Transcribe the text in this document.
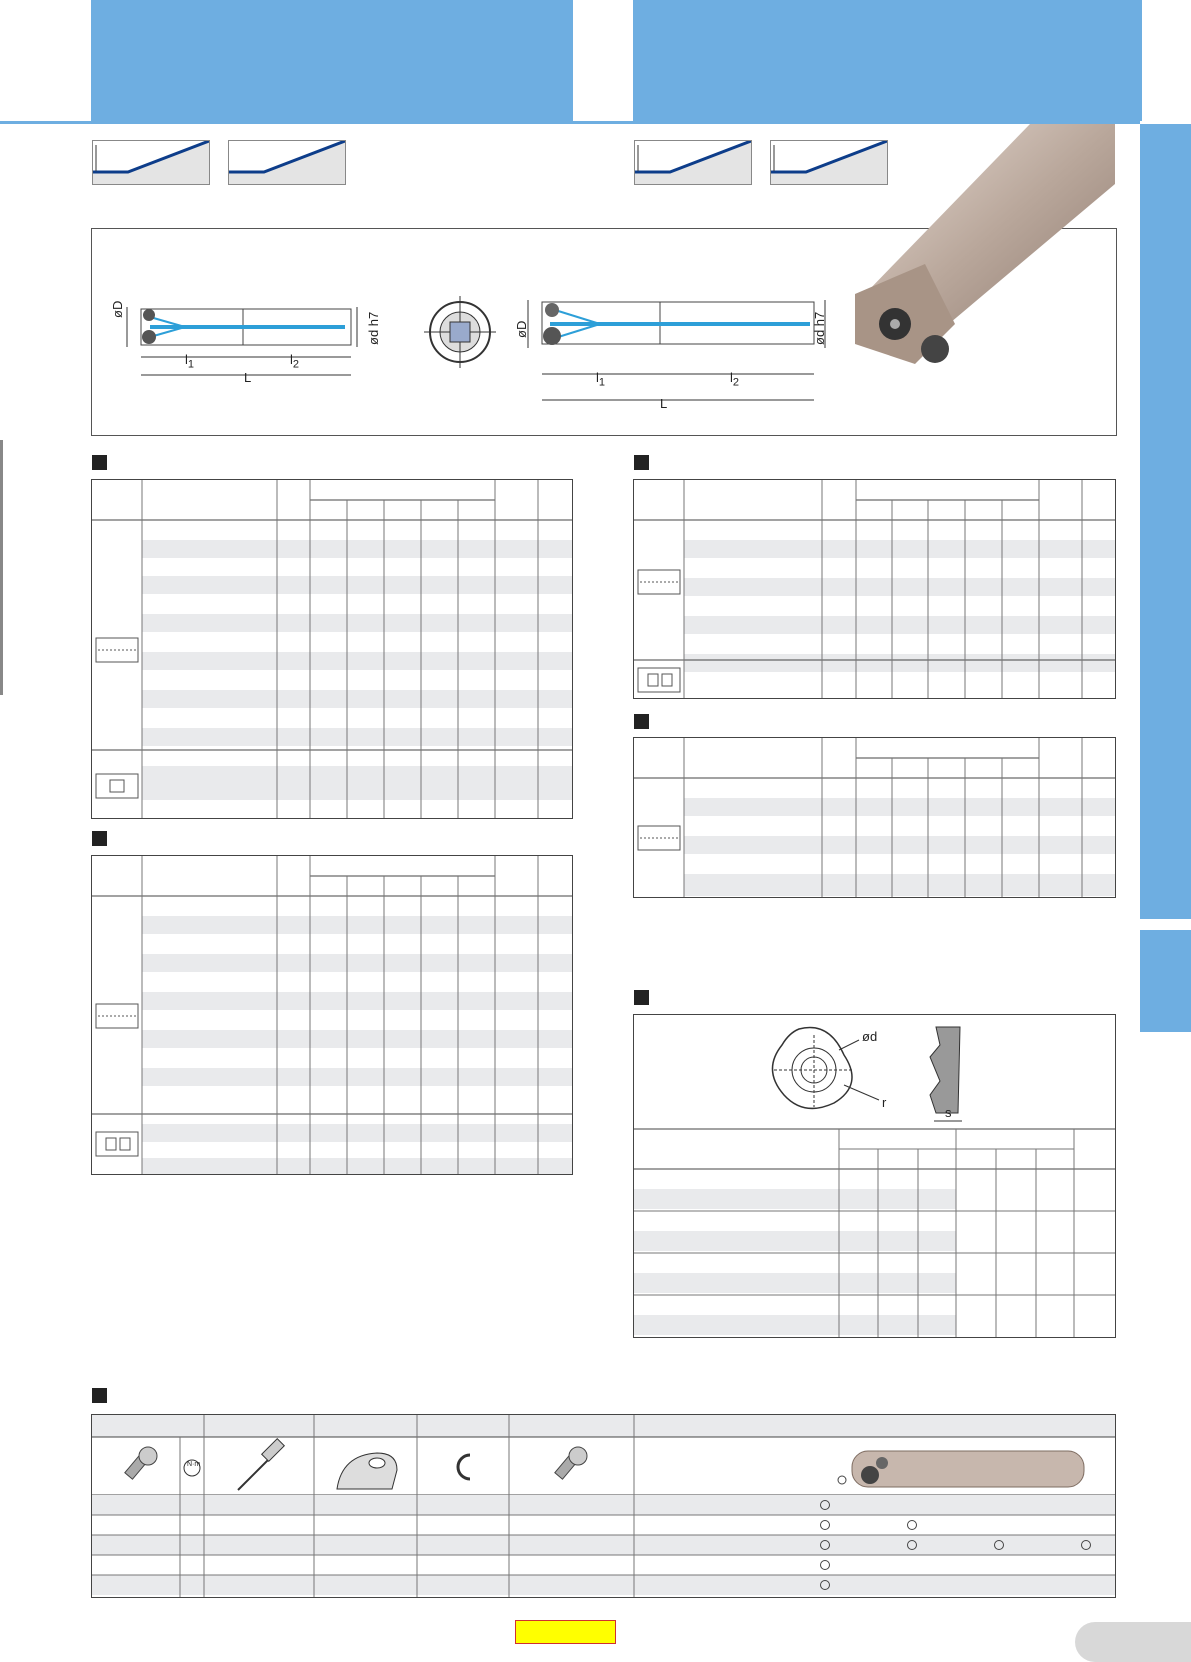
øD
ød h7
$l_1$	$l_2$
L
øD	ød h7
$l_1$	$l_2$
L
ød
r
s
N·m
